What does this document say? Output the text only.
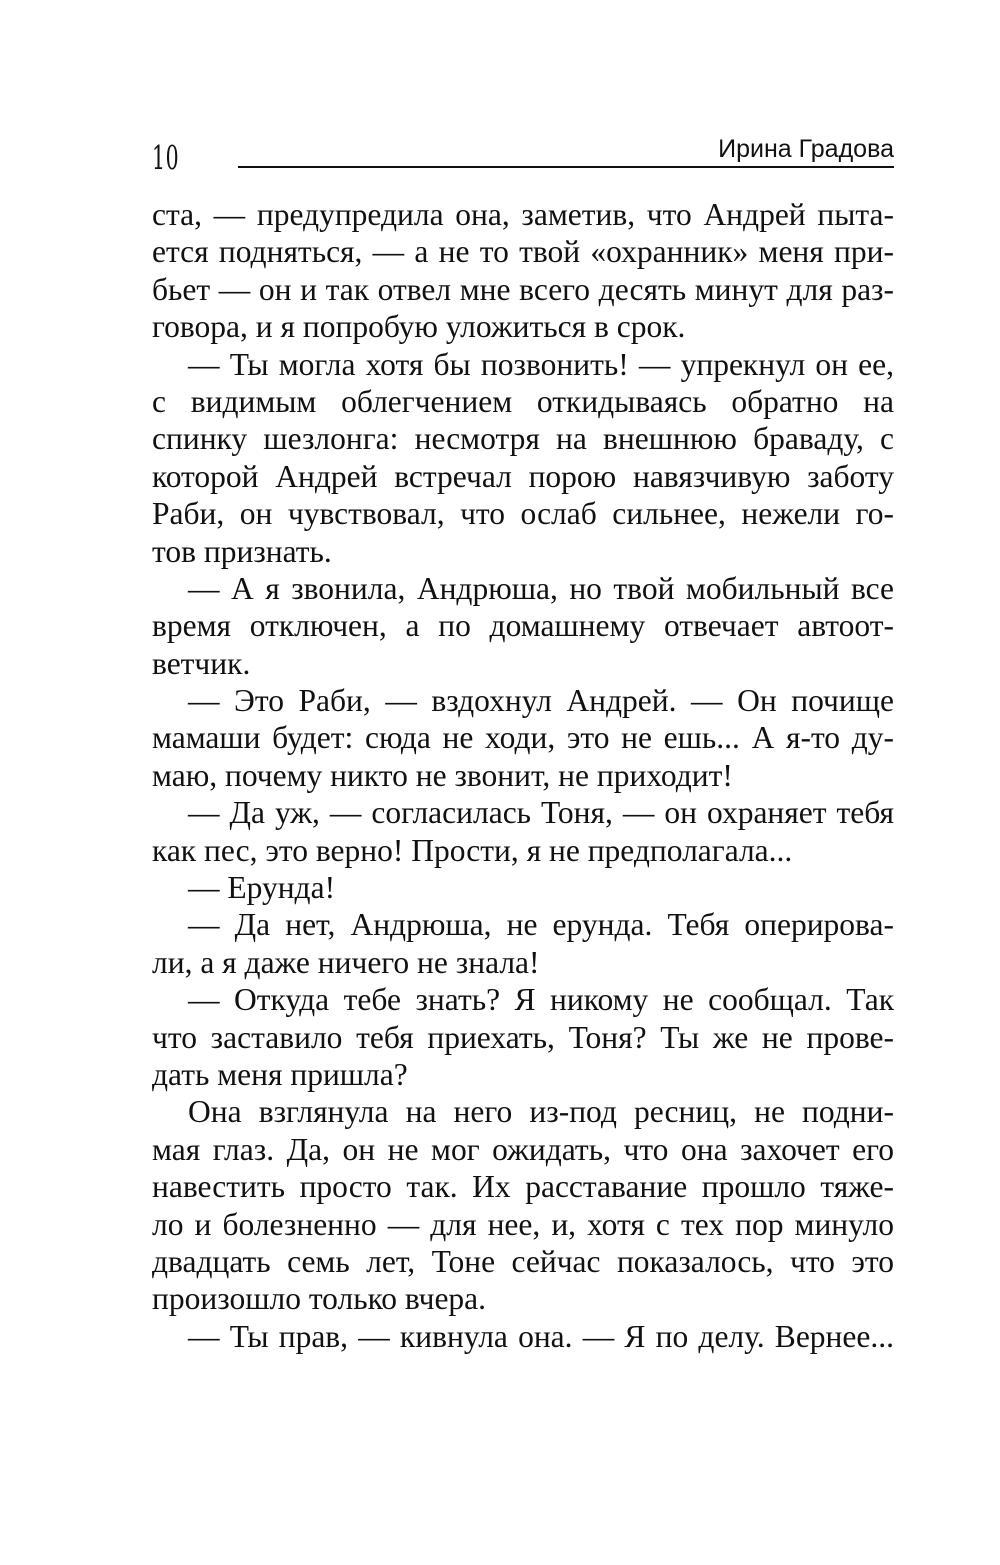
10	Ирина Градова
ста, — предупредила она, заметив, что Андрей пыта-
ется подняться, — а не то твой «охранник» меня при-
бьет — он и так отвел мне всего десять минут для раз-
говора, и я попробую уложиться в срок.
— Ты могла хотя бы позвонить! — упрекнул он ее,
с видимым облегчением откидываясь обратно на
спинку шезлонга: несмотря на внешнюю браваду, с
которой Андрей встречал порою навязчивую заботу
Раби, он чувствовал, что ослаб сильнее, нежели го-
тов признать.
— А я звонила, Андрюша, но твой мобильный все
время отключен, а по домашнему отвечает автоот-
ветчик.
— Это Раби, — вздохнул Андрей. — Он почище
мамаши будет: сюда не ходи, это не ешь... А я-то ду-
маю, почему никто не звонит, не приходит!
— Да уж, — согласилась Тоня, — он охраняет тебя
как пес, это верно! Прости, я не предполагала...
— Ерунда!
— Да нет, Андрюша, не ерунда. Тебя оперирова-
ли, а я даже ничего не знала!
— Откуда тебе знать? Я никому не сообщал. Так
что заставило тебя приехать, Тоня? Ты же не прове-
дать меня пришла?
Она взглянула на него из-под ресниц, не подни-
мая глаз. Да, он не мог ожидать, что она захочет его
навестить просто так. Их расставание прошло тяже-
ло и болезненно — для нее, и, хотя с тех пор минуло
двадцать семь лет, Тоне сейчас показалось, что это
произошло только вчера.
— Ты прав, — кивнула она. — Я по делу. Вернее...
